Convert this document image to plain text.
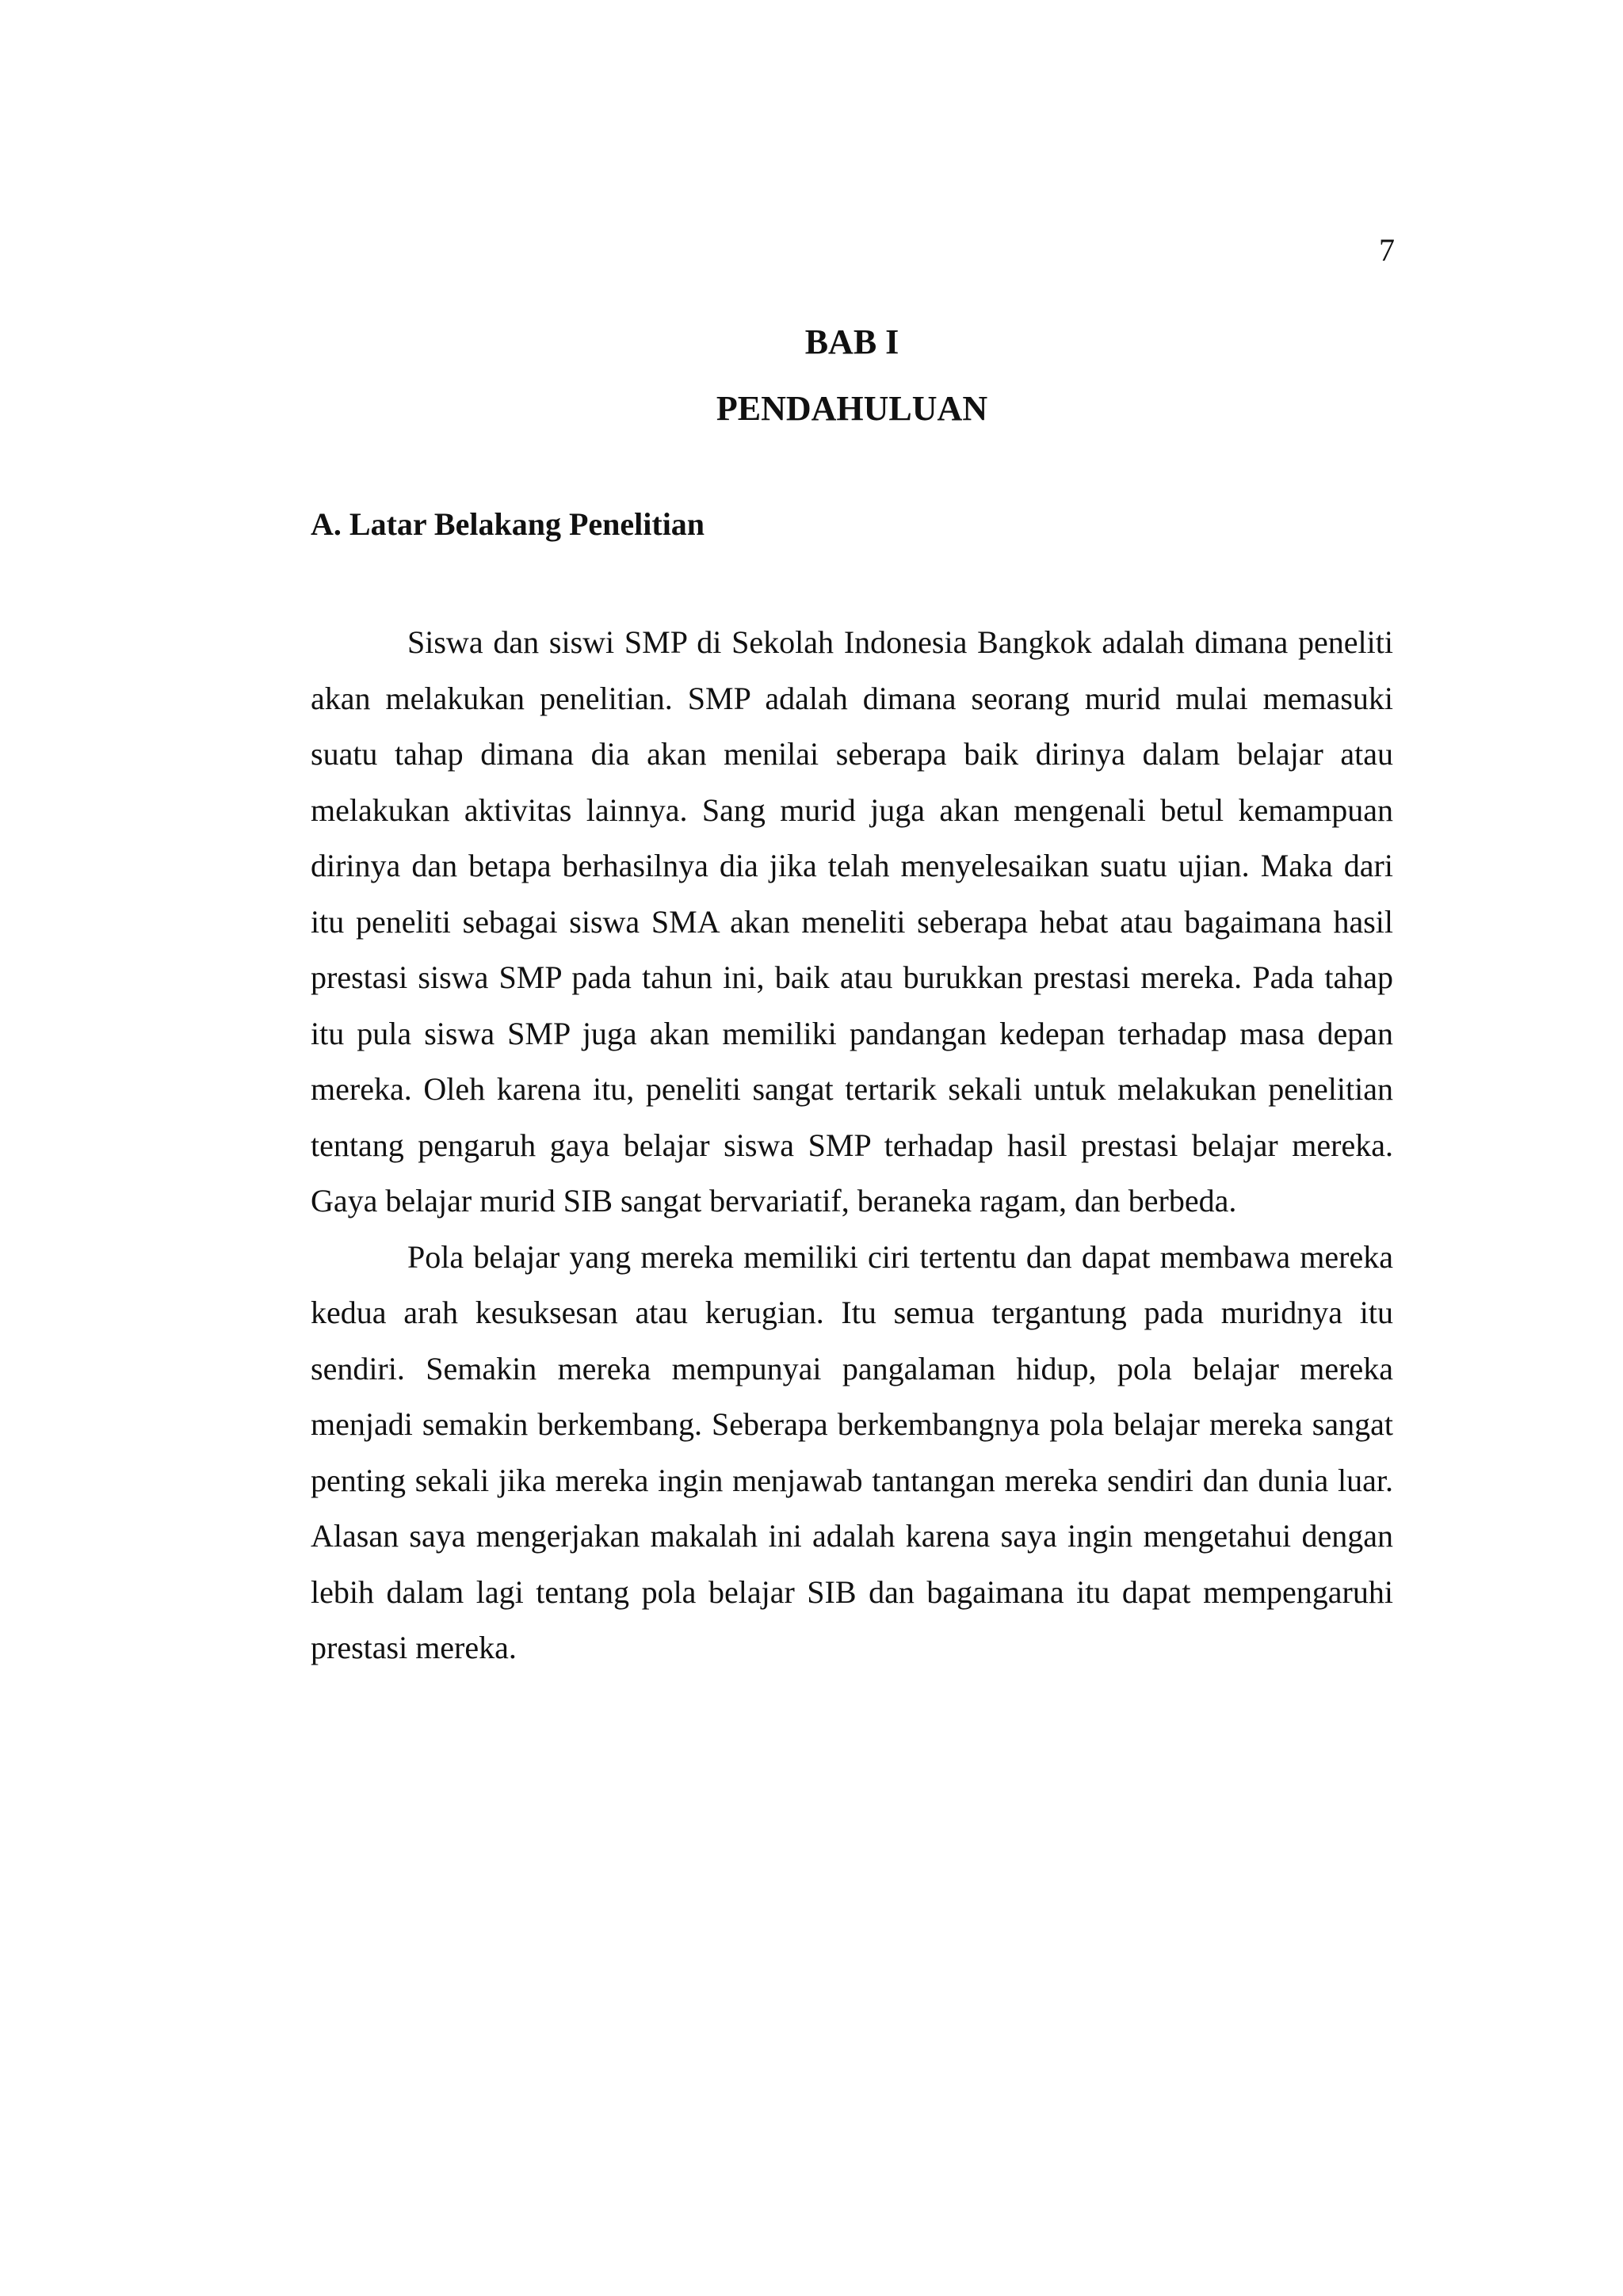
7
BAB I
PENDAHULUAN
A. Latar Belakang Penelitian

Siswa dan siswi SMP di Sekolah Indonesia Bangkok adalah dimana peneliti akan melakukan penelitian. SMP adalah dimana seorang murid mulai memasuki suatu tahap dimana dia akan menilai seberapa baik dirinya dalam belajar atau melakukan aktivitas lainnya. Sang murid juga akan mengenali betul kemampuan dirinya dan betapa berhasilnya dia jika telah menyelesaikan suatu ujian. Maka dari itu peneliti sebagai siswa SMA akan meneliti seberapa hebat atau bagaimana hasil prestasi siswa SMP pada tahun ini, baik atau burukkan prestasi mereka. Pada tahap itu pula siswa SMP juga akan memiliki pandangan kedepan terhadap masa depan mereka. Oleh karena itu, peneliti sangat tertarik sekali untuk melakukan penelitian tentang pengaruh gaya belajar siswa SMP terhadap hasil prestasi belajar mereka. Gaya belajar murid SIB sangat bervariatif, beraneka ragam, dan berbeda.

Pola belajar yang mereka memiliki ciri tertentu dan dapat membawa mereka kedua arah kesuksesan atau kerugian. Itu semua tergantung pada muridnya itu sendiri. Semakin mereka mempunyai pangalaman hidup, pola belajar mereka menjadi semakin berkembang. Seberapa berkembangnya pola belajar mereka sangat penting sekali jika mereka ingin menjawab tantangan mereka sendiri dan dunia luar. Alasan saya mengerjakan makalah ini adalah karena saya ingin mengetahui dengan lebih dalam lagi tentang pola belajar SIB dan bagaimana itu dapat mempengaruhi prestasi mereka.
